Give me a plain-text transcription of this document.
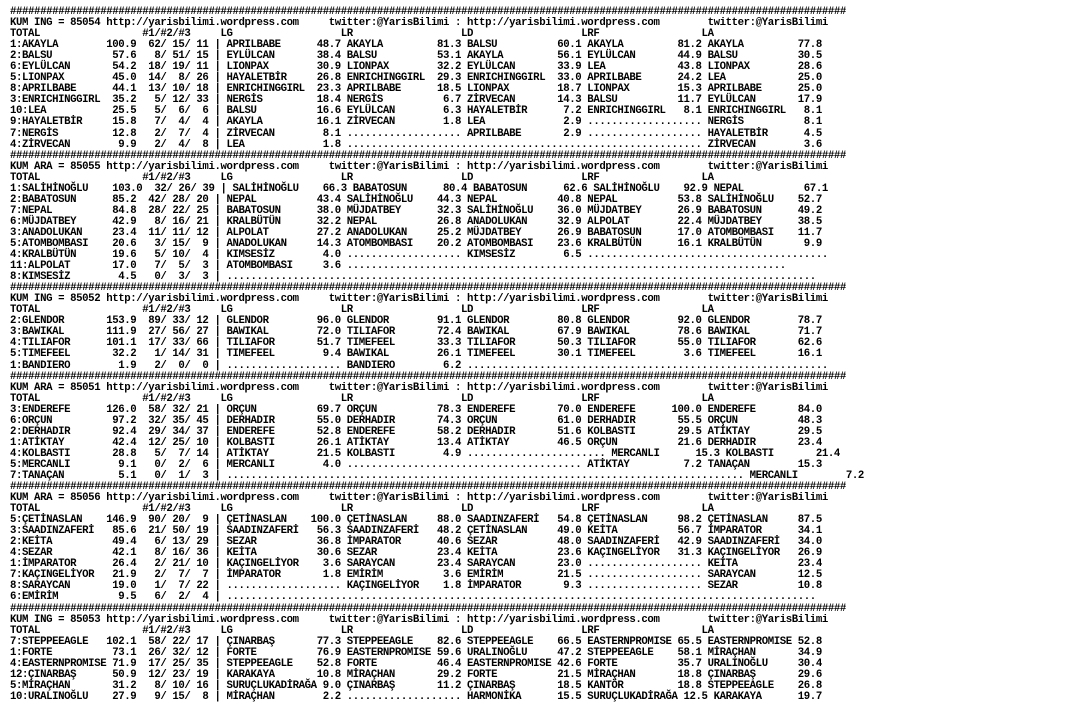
###########################################################################################################################################
KUM ING = 85054 http://yarisbilimi.wordpress.com     twitter:@YarisBilimi : http://yarisbilimi.wordpress.com        twitter:@YarisBilimi
TOTAL                 #1/#2/#3     LG                  LR                  LD                  LRF                 LA
1:AKAYLA        100.9  62/ 15/ 11 | APRILBABE      48.7 AKAYLA         81.3 BALSU          60.1 AKAYLA         81.2 AKAYLA         77.8
2:BALSU          57.6   8/ 51/ 15 | EYLÜLCAN       38.4 BALSU          53.1 AKAYLA         56.1 EYLÜLCAN       44.9 BALSU          30.5
6:EYLÜLCAN       54.2  18/ 19/ 11 | LIONPAX        30.9 LIONPAX        32.2 EYLÜLCAN       33.9 LEA            43.8 LIONPAX        28.6
5:LIONPAX        45.0  14/  8/ 26 | HAYALETBİR     26.8 ENRICHINGGIRL  29.3 ENRICHINGGIRL  33.0 APRILBABE      24.2 LEA            25.0
8:APRILBABE      44.1  13/ 10/ 18 | ENRICHINGGIRL  23.3 APRILBABE      18.5 LIONPAX        18.7 LIONPAX        15.3 APRILBABE      25.0
3:ENRICHINGGIRL  35.2   5/ 12/ 33 | NERGİS         18.4 NERGİS          6.7 ZİRVECAN       14.3 BALSU          11.7 EYLÜLCAN       17.9
10:LEA           25.5   5/  6/  6 | BALSU          16.6 EYLÜLCAN        6.3 HAYALETBİR      7.2 ENRICHINGGIRL   8.1 ENRICHINGGIRL   8.1
9:HAYALETBİR     15.8   7/  4/  4 | AKAYLA         16.1 ZİRVECAN        1.8 LEA             2.9 ................... NERGİS          8.1
7:NERGİS         12.8   2/  7/  4 | ZİRVECAN        8.1 ................... APRILBABE       2.9 ................... HAYALETBİR      4.5
4:ZİRVECAN        9.9   2/  4/  8 | LEA             1.8 ........................................................... ZİRVECAN        3.6
###########################################################################################################################################
KUM ARA = 85055 http://yarisbilimi.wordpress.com     twitter:@YarisBilimi : http://yarisbilimi.wordpress.com        twitter:@YarisBilimi
TOTAL                 #1/#2/#3     LG                  LR                  LD                  LRF                 LA
1:SALİHİNOĞLU    103.0  32/ 26/ 39 | SALİHİNOĞLU    66.3 BABATOSUN      80.4 BABATOSUN      62.6 SALİHİNOĞLU    92.9 NEPAL          67.1
2:BABATOSUN      85.2  42/ 28/ 20 | NEPAL          43.4 SALİHİNOĞLU    44.3 NEPAL          40.8 NEPAL          53.8 SALİHİNOĞLU    52.7
7:NEPAL          84.8  28/ 22/ 25 | BABATOSUN      38.0 MÜJDATBEY      32.3 SALİHİNOĞLU    36.0 MÜJDATBEY      26.9 BABATOSUN      49.2
6:MÜJDATBEY      42.9   8/ 16/ 21 | KRALBÜTÜN      32.2 NEPAL          26.8 ANADOLUKAN     32.9 ALPOLAT        22.4 MÜJDATBEY      38.5
3:ANADOLUKAN     23.4  11/ 11/ 12 | ALPOLAT        27.2 ANADOLUKAN     25.2 MÜJDATBEY      26.9 BABATOSUN      17.0 ATOMBOMBASI    11.7
5:ATOMBOMBASI    20.6   3/ 15/  9 | ANADOLUKAN     14.3 ATOMBOMBASI    20.2 ATOMBOMBASI    23.6 KRALBÜTÜN      16.1 KRALBÜTÜN       9.9
4:KRALBÜTÜN      19.6   5/ 10/  4 | KIMSESİZ        4.0 ................... KIMSESİZ        6.5 ........................................
11:ALPOLAT       17.0   7/  5/  3 | ATOMBOMBASI     3.6 .........................................................................
8:KIMSESİZ        4.5   0/  3/  3 | ..................................................................................................
###########################################################################################################################################
KUM ING = 85052 http://yarisbilimi.wordpress.com     twitter:@YarisBilimi : http://yarisbilimi.wordpress.com        twitter:@YarisBilimi
TOTAL                 #1/#2/#3     LG                  LR                  LD                  LRF                 LA
2:GLENDOR       153.9  89/ 33/ 12 | GLENDOR        96.0 GLENDOR        91.1 GLENDOR        80.8 GLENDOR        92.0 GLENDOR        78.7
3:BAWIKAL       111.9  27/ 56/ 27 | BAWIKAL        72.0 TILIAFOR       72.4 BAWIKAL        67.9 BAWIKAL        78.6 BAWIKAL        71.7
4:TILIAFOR      101.1  17/ 33/ 66 | TILIAFOR       51.7 TIMEFEEL       33.3 TILIAFOR       50.3 TILIAFOR       55.0 TILIAFOR       62.6
5:TIMEFEEL       32.2   1/ 14/ 31 | TIMEFEEL        9.4 BAWIKAL        26.1 TIMEFEEL       30.1 TIMEFEEL        3.6 TIMEFEEL       16.1
1:BANDIERO        1.9   2/  0/  0 | ................... BANDIERO        6.2 ............................................................
###########################################################################################################################################
KUM ARA = 85051 http://yarisbilimi.wordpress.com     twitter:@YarisBilimi : http://yarisbilimi.wordpress.com        twitter:@YarisBilimi
TOTAL                 #1/#2/#3     LG                  LR                  LD                  LRF                 LA
3:ENDEREFE      126.0  58/ 32/ 21 | ORÇUN          69.7 ORÇUN          78.3 ENDEREFE       70.0 ENDEREFE      100.0 ENDEREFE       84.0
6:ORÇUN          97.2  32/ 35/ 45 | DERHADIR       55.0 DERHADIR       74.3 ORÇUN          61.0 DERHADIR       55.5 ORÇUN          48.3
2:DERHADIR       92.4  29/ 34/ 37 | ENDEREFE       52.8 ENDEREFE       58.2 DERHADIR       51.6 KOLBASTI       29.5 ATİKTAY        29.5
1:ATİKTAY        42.4  12/ 25/ 10 | KOLBASTI       26.1 ATİKTAY        13.4 ATİKTAY        46.5 ORÇUN          21.6 DERHADIR       23.4
4:KOLBASTI       28.8   5/  7/ 14 | ATİKTAY        21.5 KOLBASTI        4.9 ....................... MERCANLI      15.3 KOLBASTI       21.4
5:MERCANLI        9.1   0/  2/  6 | MERCANLI        4.0 ....................................... ATİKTAY         7.2 TANAÇAN        15.3
7:TANAÇAN         5.1   0/  1/  3 | ...................................................................................... MERCANLI        7.2
###########################################################################################################################################
KUM ARA = 85056 http://yarisbilimi.wordpress.com     twitter:@YarisBilimi : http://yarisbilimi.wordpress.com        twitter:@YarisBilimi
TOTAL                 #1/#2/#3     LG                  LR                  LD                  LRF                 LA
5:ÇETİNASLAN    146.9  90/ 20/  9 | ÇETİNASLAN    100.0 ÇETİNASLAN     88.0 SAADINZAFERİ   54.8 ÇETİNASLAN     98.2 ÇETİNASLAN     87.5
3:SAADINZAFERİ   85.6  21/ 50/ 19 | SAADINZAFERİ   56.3 SAADINZAFERİ   48.2 ÇETİNASLAN     49.0 KEİTA          56.7 İMPARATOR      34.1
2:KEİTA          49.4   6/ 13/ 29 | SEZAR          36.8 İMPARATOR      40.6 SEZAR          48.0 SAADINZAFERİ   42.9 SAADINZAFERİ   34.0
4:SEZAR          42.1   8/ 16/ 36 | KEİTA          30.6 SEZAR          23.4 KEİTA          23.6 KAÇINGELİYOR   31.3 KAÇINGELİYOR   26.9
1:İMPARATOR      26.4   2/ 21/ 10 | KAÇINGELİYOR    3.6 SARAYCAN       23.4 SARAYCAN       23.0 ................... KEİTA          23.4
7:KAÇINGELİYOR   21.9   2/  7/  7 | İMPARATOR       1.8 EMİRİM          3.6 EMİRİM         21.5 ................... SARAYCAN       12.5
8:SARAYCAN       19.0   1/  7/ 22 | ................... KAÇINGELİYOR    1.8 İMPARATOR       9.3 ................... SEZAR          10.8
6:EMİRİM          9.5   6/  2/  4 | ..................................................................................................
###########################################################################################################################################
KUM ING = 85053 http://yarisbilimi.wordpress.com     twitter:@YarisBilimi : http://yarisbilimi.wordpress.com        twitter:@YarisBilimi
TOTAL                 #1/#2/#3     LG                  LR                  LD                  LRF                 LA
7:STEPPEEAGLE   102.1  58/ 22/ 17 | ÇINARBAŞ       77.3 STEPPEEAGLE    82.6 STEPPEEAGLE    66.5 EASTERNPROMISE 65.5 EASTERNPROMISE 52.8
1:FORTE          73.1  26/ 32/ 12 | FORTE          76.9 EASTERNPROMISE 59.6 URALINOĞLU     47.2 STEPPEEAGLE    58.1 MİRAÇHAN       34.9
4:EASTERNPROMISE 71.9  17/ 25/ 35 | STEPPEEAGLE    52.8 FORTE          46.4 EASTERNPROMISE 42.6 FORTE          35.7 URALINOĞLU     30.4
12:ÇINARBAŞ      50.9  12/ 23/ 19 | KARAKAYA       10.8 MİRAÇHAN       29.2 FORTE          21.5 MİRAÇHAN       18.8 ÇINARBAŞ       29.6
5:MİRAÇHAN       31.2   8/ 10/ 16 | SURUÇLUKADİRAĞA 9.0 ÇINARBAŞ       11.2 ÇINARBAŞ       18.5 KANTÖR         18.8 STEPPEEAGLE    26.8
10:URALINOĞLU    27.9   9/ 15/  8 | MİRAÇHAN        2.2 ................... HARMONİKA      15.5 SURUÇLUKADİRAĞA 12.5 KARAKAYA      19.7
